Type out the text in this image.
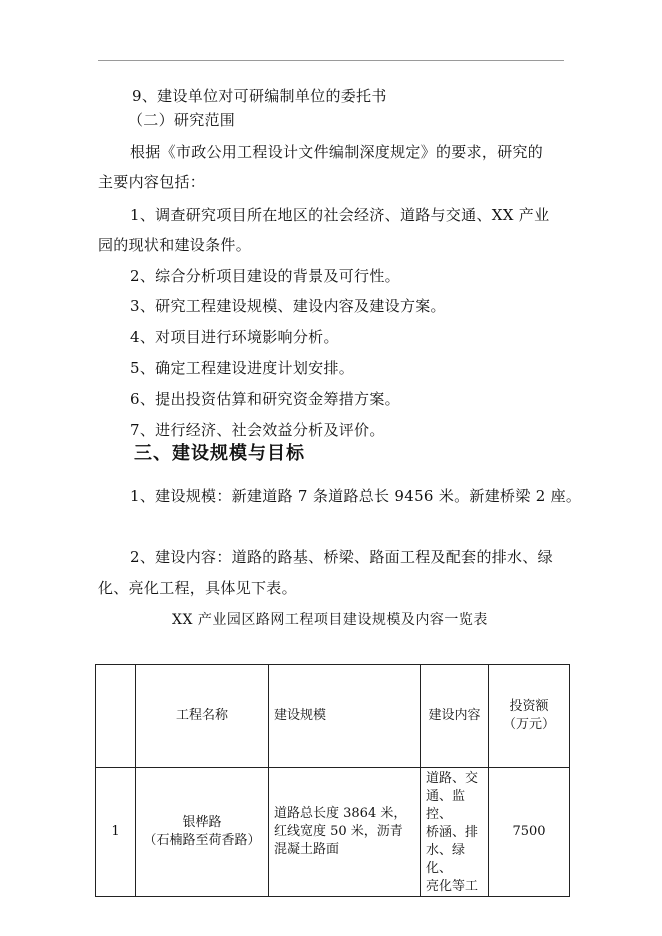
9、建设单位对可研编制单位的委托书
（二）研究范围
根据《市政公用工程设计文件编制深度规定》的要求，研究的
主要内容包括：
1、调查研究项目所在地区的社会经济、道路与交通、XX 产业
园的现状和建设条件。
2、综合分析项目建设的背景及可行性。
3、研究工程建设规模、建设内容及建设方案。
4、对项目进行环境影响分析。
5、确定工程建设进度计划安排。
6、提出投资估算和研究资金筹措方案。
7、进行经济、社会效益分析及评价。
三、建设规模与目标
1、建设规模：新建道路 7 条道路总长 9456 米。新建桥梁 2 座。
2、建设内容：道路的路基、桥梁、路面工程及配套的排水、绿
化、亮化工程，具体见下表。
XX 产业园区路网工程项目建设规模及内容一览表
	工程名称	建设规模	建设内容	投资额
（万元）
1	银桦路
（石楠路至荷香路）	道路总长度 3864 米，
红线宽度 50 米，沥青
混凝土路面	道路、交
通、监控、
桥涵、排
水、绿化、
亮化等工	7500
